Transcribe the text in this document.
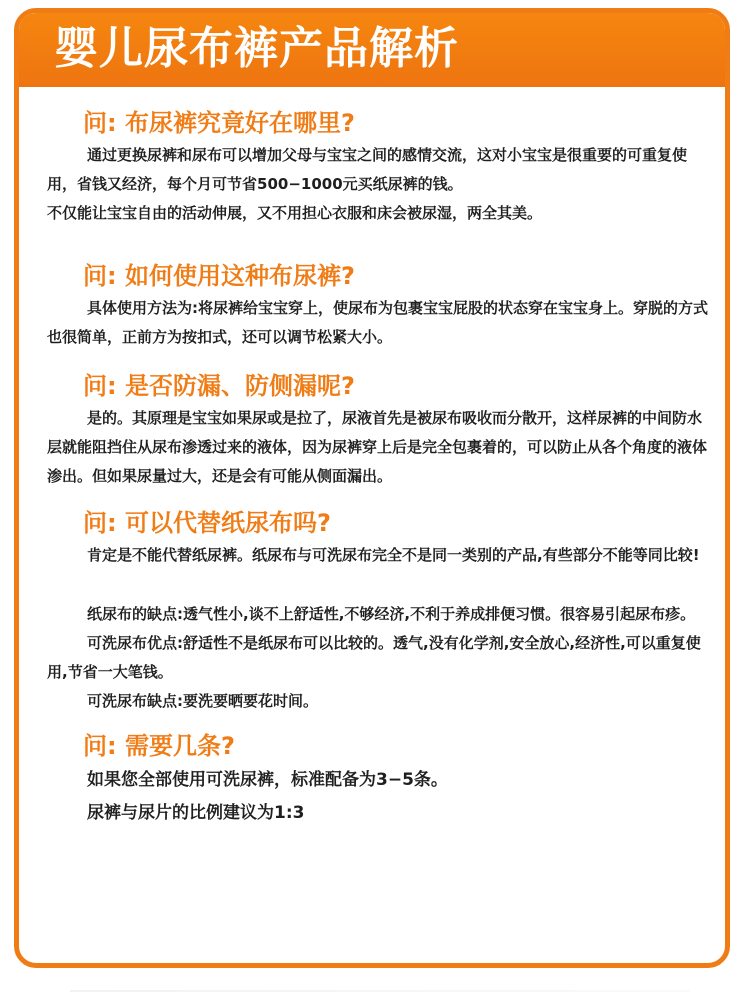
婴儿尿布裤产品解析
问: 布尿裤究竟好在哪里?

通过更换尿裤和尿布可以增加父母与宝宝之间的感情交流，这对小宝宝是很重要的可重复使用，省钱又经济，每个月可节省500−1000元买纸尿裤的钱。

不仅能让宝宝自由的活动伸展，又不用担心衣服和床会被尿湿，两全其美。

问: 如何使用这种布尿裤?

具体使用方法为:将尿裤给宝宝穿上，使尿布为包裹宝宝屁股的状态穿在宝宝身上。穿脱的方式也很简单，正前方为按扣式，还可以调节松紧大小。

问: 是否防漏、防侧漏呢?

是的。其原理是宝宝如果尿或是拉了，尿液首先是被尿布吸收而分散开，这样尿裤的中间防水层就能阻挡住从尿布渗透过来的液体，因为尿裤穿上后是完全包裹着的，可以防止从各个角度的液体渗出。但如果尿量过大，还是会有可能从侧面漏出。

问: 可以代替纸尿布吗?

肯定是不能代替纸尿裤。纸尿布与可洗尿布完全不是同一类别的产品,有些部分不能等同比较!

纸尿布的缺点:透气性小,谈不上舒适性,不够经济,不利于养成排便习惯。很容易引起尿布疹。

可洗尿布优点:舒适性不是纸尿布可以比较的。透气,没有化学剂,安全放心,经济性,可以重复使用,节省一大笔钱。

可洗尿布缺点:要洗要晒要花时间。

问: 需要几条?

如果您全部使用可洗尿裤，标准配备为3−5条。

尿裤与尿片的比例建议为1:3
